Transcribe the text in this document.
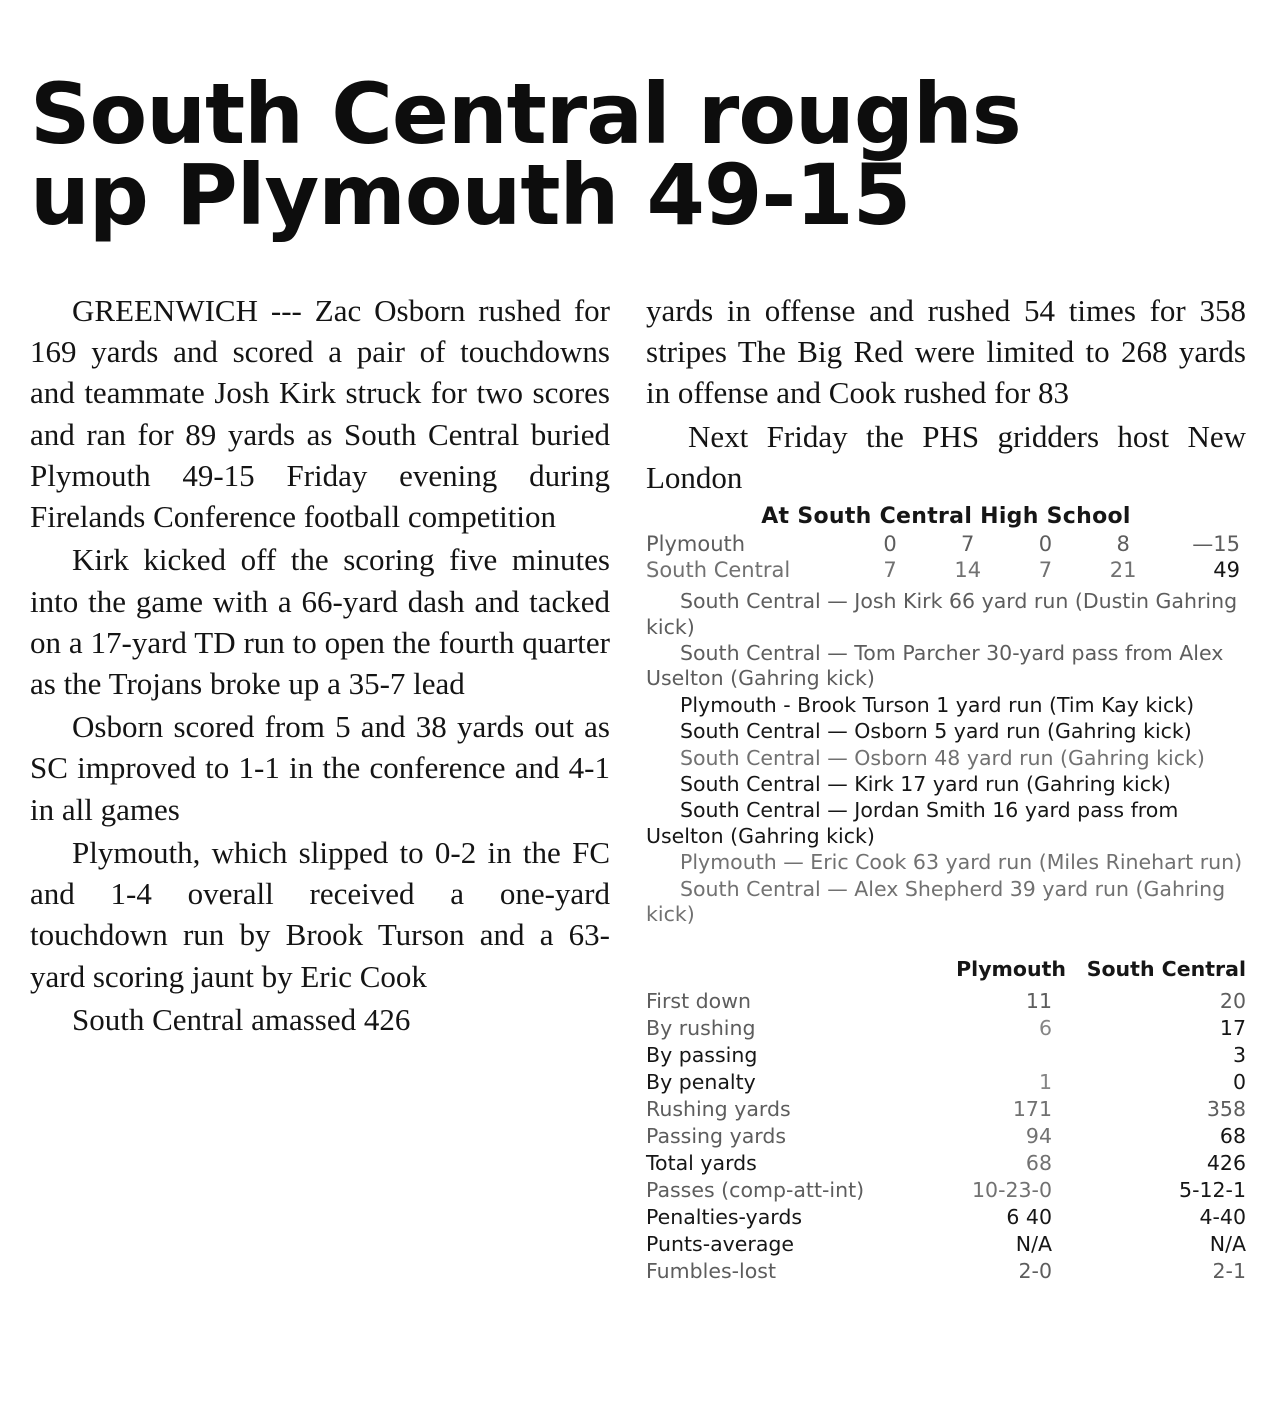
South Central roughs
up Plymouth 49-15

GREENWICH --- Zac Osborn rushed for 169 yards and scored a pair of touchdowns and teammate Josh Kirk struck for two scores and ran for 89 yards as South Central buried Plymouth 49-15 Friday evening during Firelands Conference football competition

Kirk kicked off the scoring five minutes into the game with a 66-yard dash and tacked on a 17-yard TD run to open the fourth quarter as the Trojans broke up a 35-7 lead

Osborn scored from 5 and 38 yards out as SC improved to 1-1 in the conference and 4-1 in all games

Plymouth, which slipped to 0-2 in the FC and 1-4 overall received a one-yard touchdown run by Brook Turson and a 63-yard scoring jaunt by Eric Cook

South Central amassed 426

yards in offense and rushed 54 times for 358 stripes The Big Red were limited to 268 yards in offense and Cook rushed for 83

Next Friday the PHS gridders host New London

At South Central High School
Plymouth	0	7	0	8	—15
South Central	7	14	7	21	49

South Central — Josh Kirk 66 yard run (Dustin Gahring kick)

South Central — Tom Parcher 30-yard pass from Alex Uselton (Gahring kick)

Plymouth - Brook Turson 1 yard run (Tim Kay kick)

South Central — Osborn 5 yard run (Gahring kick)

South Central — Osborn 48 yard run (Gahring kick)

South Central — Kirk 17 yard run (Gahring kick)

South Central — Jordan Smith 16 yard pass from Uselton (Gahring kick)

Plymouth — Eric Cook 63 yard run (Miles Rinehart run)

South Central — Alex Shepherd 39 yard run (Gahring kick)

	Plymouth	South Central
First down	11	20
By rushing	6	17
By passing		3
By penalty	1	0
Rushing yards	171	358
Passing yards	94	68
Total yards	68	426
Passes (comp-att-int)	10-23-0	5-12-1
Penalties-yards	6 40	4-40
Punts-average	N/A	N/A
Fumbles-lost	2-0	2-1
